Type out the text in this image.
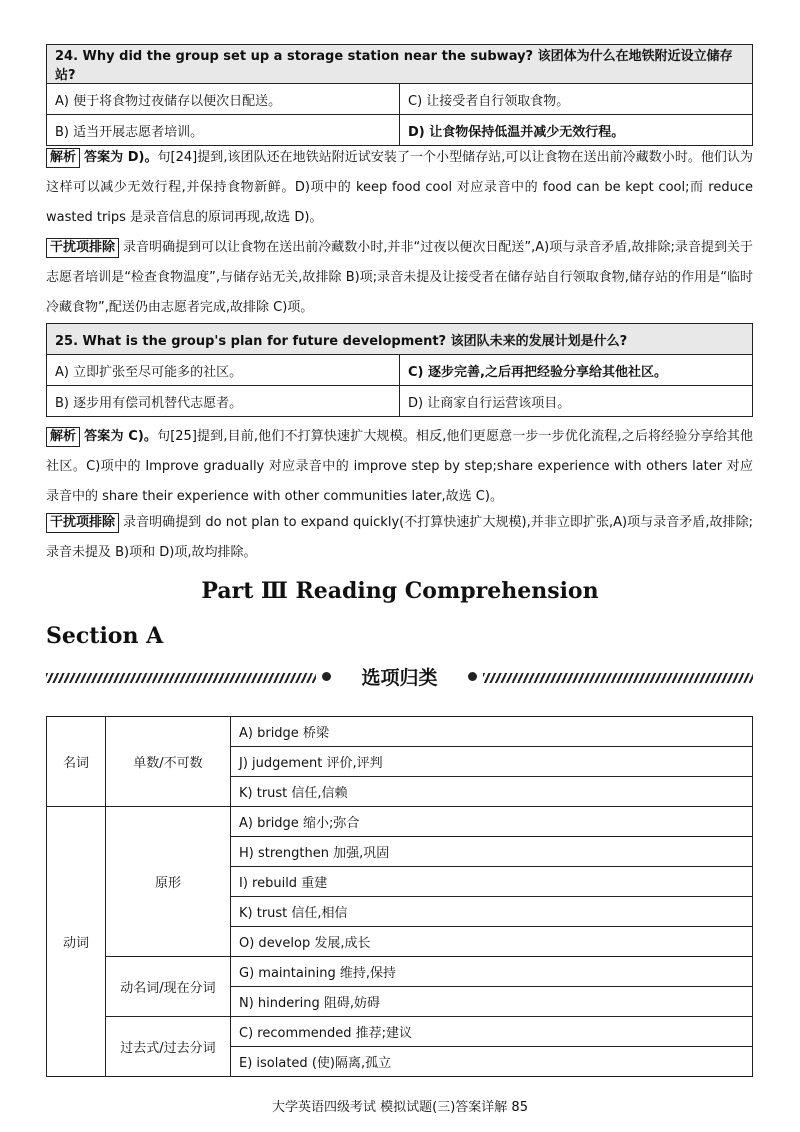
24. Why did the group set up a storage station near the subway? 该团体为什么在地铁附近设立储存站?	
A) 便于将食物过夜储存以便次日配送。	C) 让接受者自行领取食物。
B) 适当开展志愿者培训。	D) 让食物保持低温并减少无效行程。
解析 答案为 D)。句[24]提到,该团队还在地铁站附近试安装了一个小型储存站,可以让食物在送出前冷藏数小时。他们认为这样可以减少无效行程,并保持食物新鲜。D)项中的 keep food cool 对应录音中的 food can be kept cool;而 reduce wasted trips 是录音信息的原词再现,故选 D)。
干扰项排除 录音明确提到可以让食物在送出前冷藏数小时,并非“过夜以便次日配送”,A)项与录音矛盾,故排除;录音提到关于志愿者培训是“检查食物温度”,与储存站无关,故排除 B)项;录音未提及让接受者在储存站自行领取食物,储存站的作用是“临时冷藏食物”,配送仍由志愿者完成,故排除 C)项。
25. What is the group's plan for future development? 该团队未来的发展计划是什么?	
A) 立即扩张至尽可能多的社区。	C) 逐步完善,之后再把经验分享给其他社区。
B) 逐步用有偿司机替代志愿者。	D) 让商家自行运营该项目。
解析 答案为 C)。句[25]提到,目前,他们不打算快速扩大规模。相反,他们更愿意一步一步优化流程,之后将经验分享给其他社区。C)项中的 Improve gradually 对应录音中的 improve step by step;share experience with others later 对应录音中的 share their experience with other communities later,故选 C)。
干扰项排除 录音明确提到 do not plan to expand quickly(不打算快速扩大规模),并非立即扩张,A)项与录音矛盾,故排除;录音未提及 B)项和 D)项,故均排除。
Part Ⅲ Reading Comprehension
Section A
选项归类
名词	单数/不可数	A) bridge 桥梁
		J) judgement 评价,评判
		K) trust 信任,信赖
动词	原形	A) bridge 缩小;弥合
		H) strengthen 加强,巩固
		I) rebuild 重建
		K) trust 信任,相信
		O) develop 发展,成长
	动名词/现在分词	G) maintaining 维持,保持
		N) hindering 阻碍,妨碍
	过去式/过去分词	C) recommended 推荐;建议
		E) isolated (使)隔离,孤立
大学英语四级考试 模拟试题(三)答案详解 85
